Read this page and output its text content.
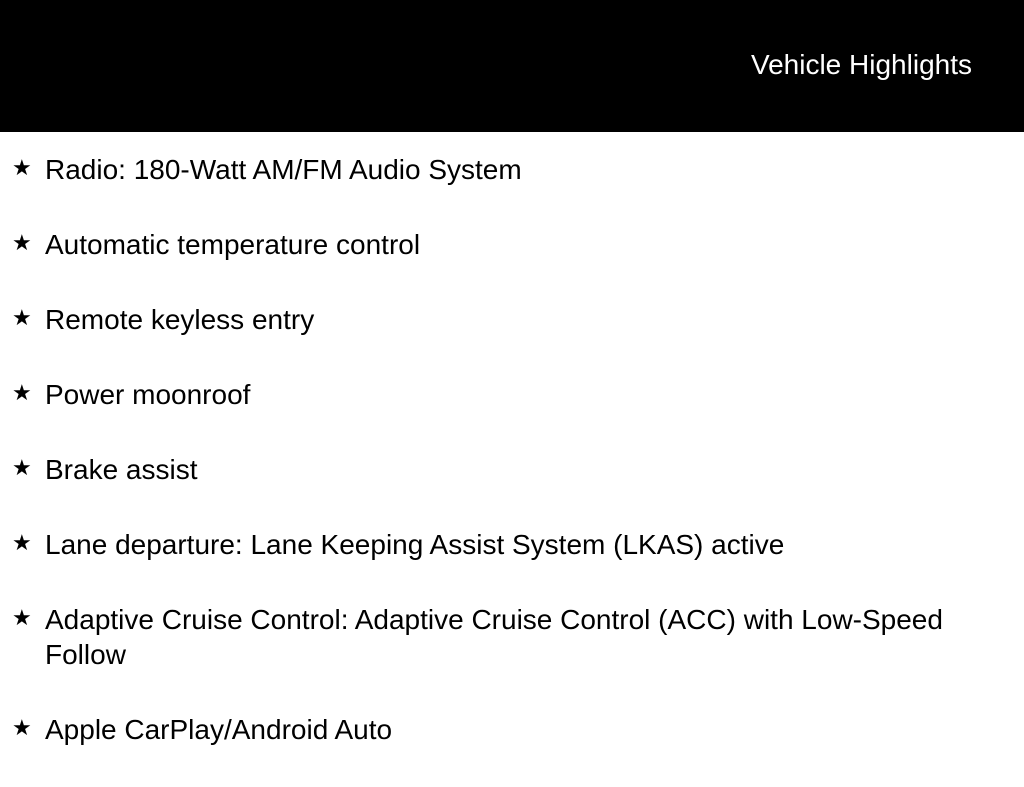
Vehicle Highlights
★ Radio: 180-Watt AM/FM Audio System
★ Automatic temperature control
★ Remote keyless entry
★ Power moonroof
★ Brake assist
★ Lane departure: Lane Keeping Assist System (LKAS) active
★ Adaptive Cruise Control: Adaptive Cruise Control (ACC) with Low-Speed Follow
★ Apple CarPlay/Android Auto
